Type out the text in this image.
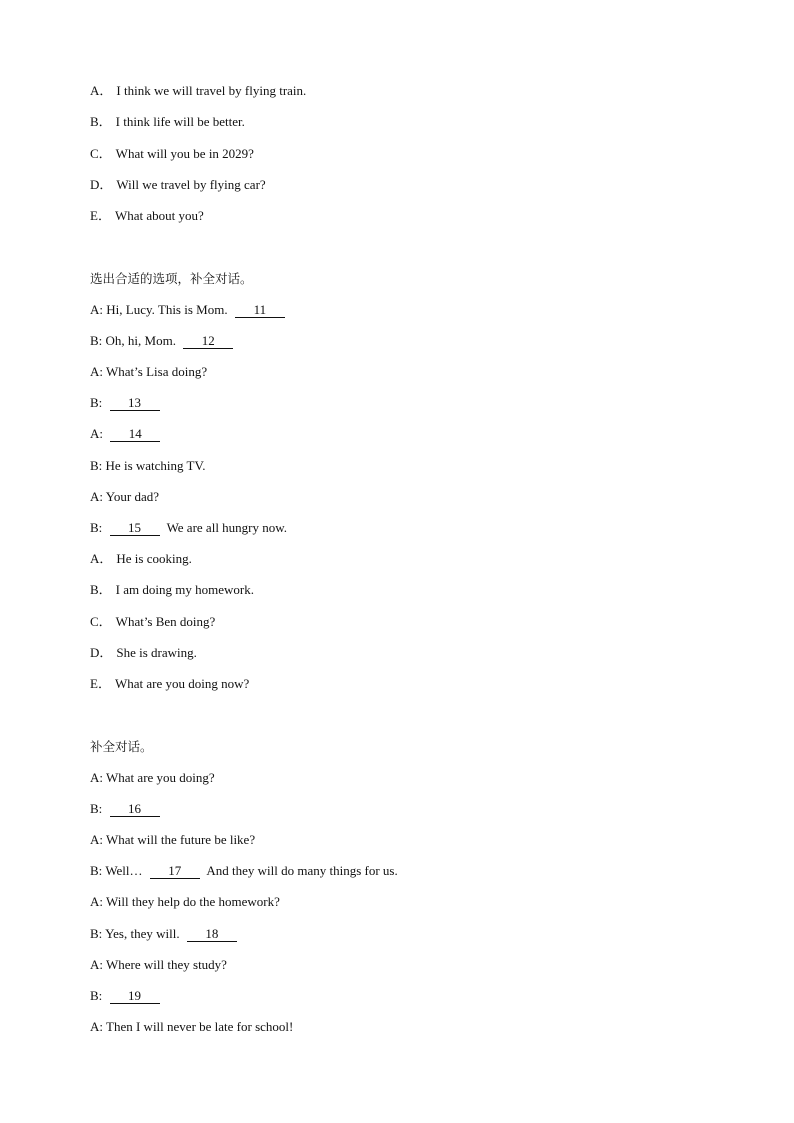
A． I think we will travel by flying train.
B． I think life will be better.
C． What will you be in 2029?
D． Will we travel by flying car?
E． What about you?
选出合适的选项，补全对话。
A: Hi, Lucy. This is Mom. 11
B: Oh, hi, Mom. 12
A: What’s Lisa doing?
B: 13
A: 14
B: He is watching TV.
A: Your dad?
B: 15 We are all hungry now.
A． He is cooking.
B． I am doing my homework.
C． What’s Ben doing?
D． She is drawing.
E． What are you doing now?
补全对话。
A: What are you doing?
B: 16
A: What will the future be like?
B: Well… 17 And they will do many things for us.
A: Will they help do the homework?
B: Yes, they will. 18
A: Where will they study?
B: 19
A: Then I will never be late for school!
